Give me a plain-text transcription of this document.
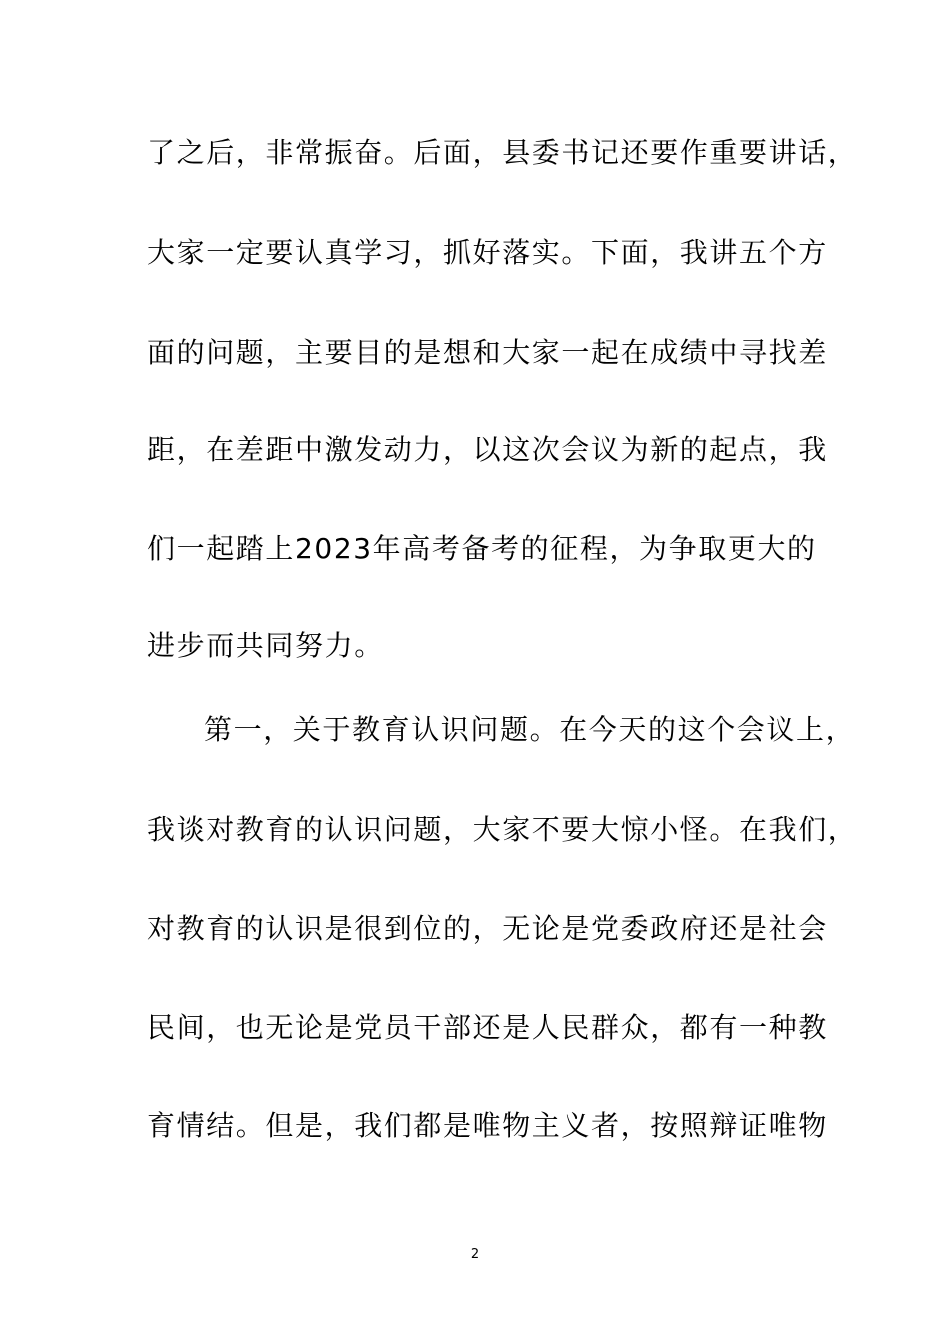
了之后，非常振奋。后面，县委书记还要作重要讲话，
大家一定要认真学习，抓好落实。下面，我讲五个方
面的问题，主要目的是想和大家一起在成绩中寻找差
距，在差距中激发动力，以这次会议为新的起点，我
们一起踏上2023年高考备考的征程，为争取更大的
进步而共同努力。
第一，关于教育认识问题。在今天的这个会议上，
我谈对教育的认识问题，大家不要大惊小怪。在我们，
对教育的认识是很到位的，无论是党委政府还是社会
民间，也无论是党员干部还是人民群众，都有一种教
育情结。但是，我们都是唯物主义者，按照辩证唯物
2
